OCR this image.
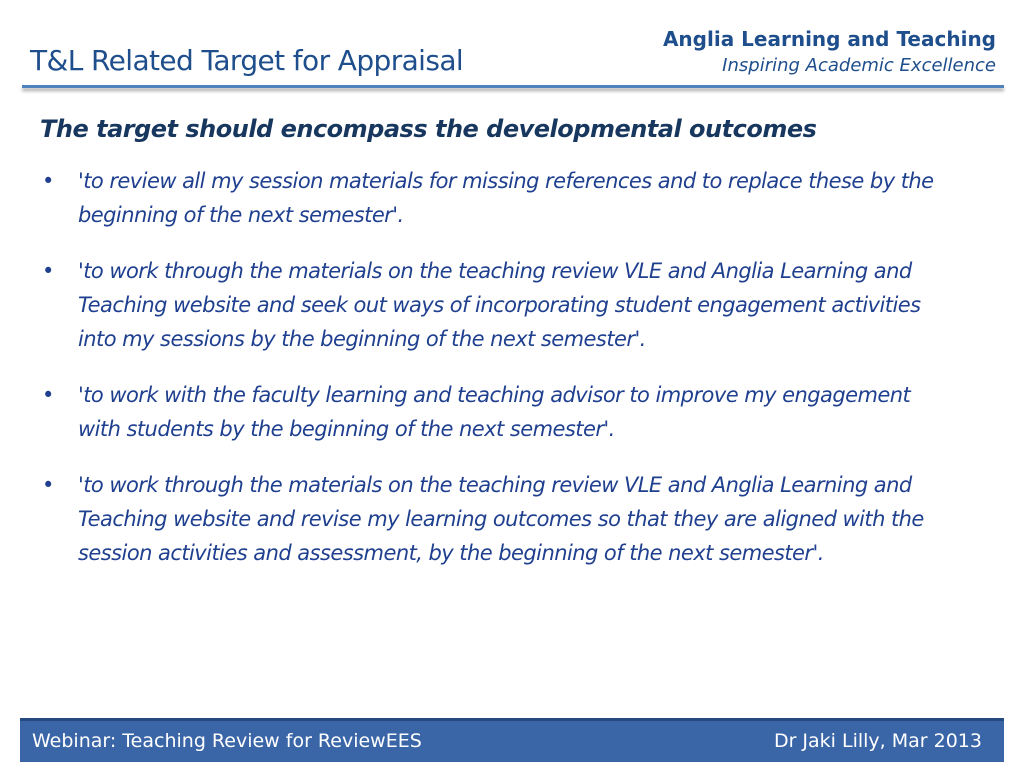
T&L Related Target for Appraisal
Anglia Learning and Teaching
Inspiring Academic Excellence
The target should encompass the developmental outcomes
• 'to review all my session materials for missing references and to replace these by the beginning of the next semester'.
• 'to work through the materials on the teaching review VLE and Anglia Learning and Teaching website and seek out ways of incorporating student engagement activities into my sessions by the beginning of the next semester'.
• 'to work with the faculty learning and teaching advisor to improve my engagement with students by the beginning of the next semester'.
• 'to work through the materials on the teaching review VLE and Anglia Learning and Teaching website and revise my learning outcomes so that they are aligned with the session activities and assessment, by the beginning of the next semester'.
Webinar: Teaching Review for ReviewEES	Dr Jaki Lilly, Mar 2013
